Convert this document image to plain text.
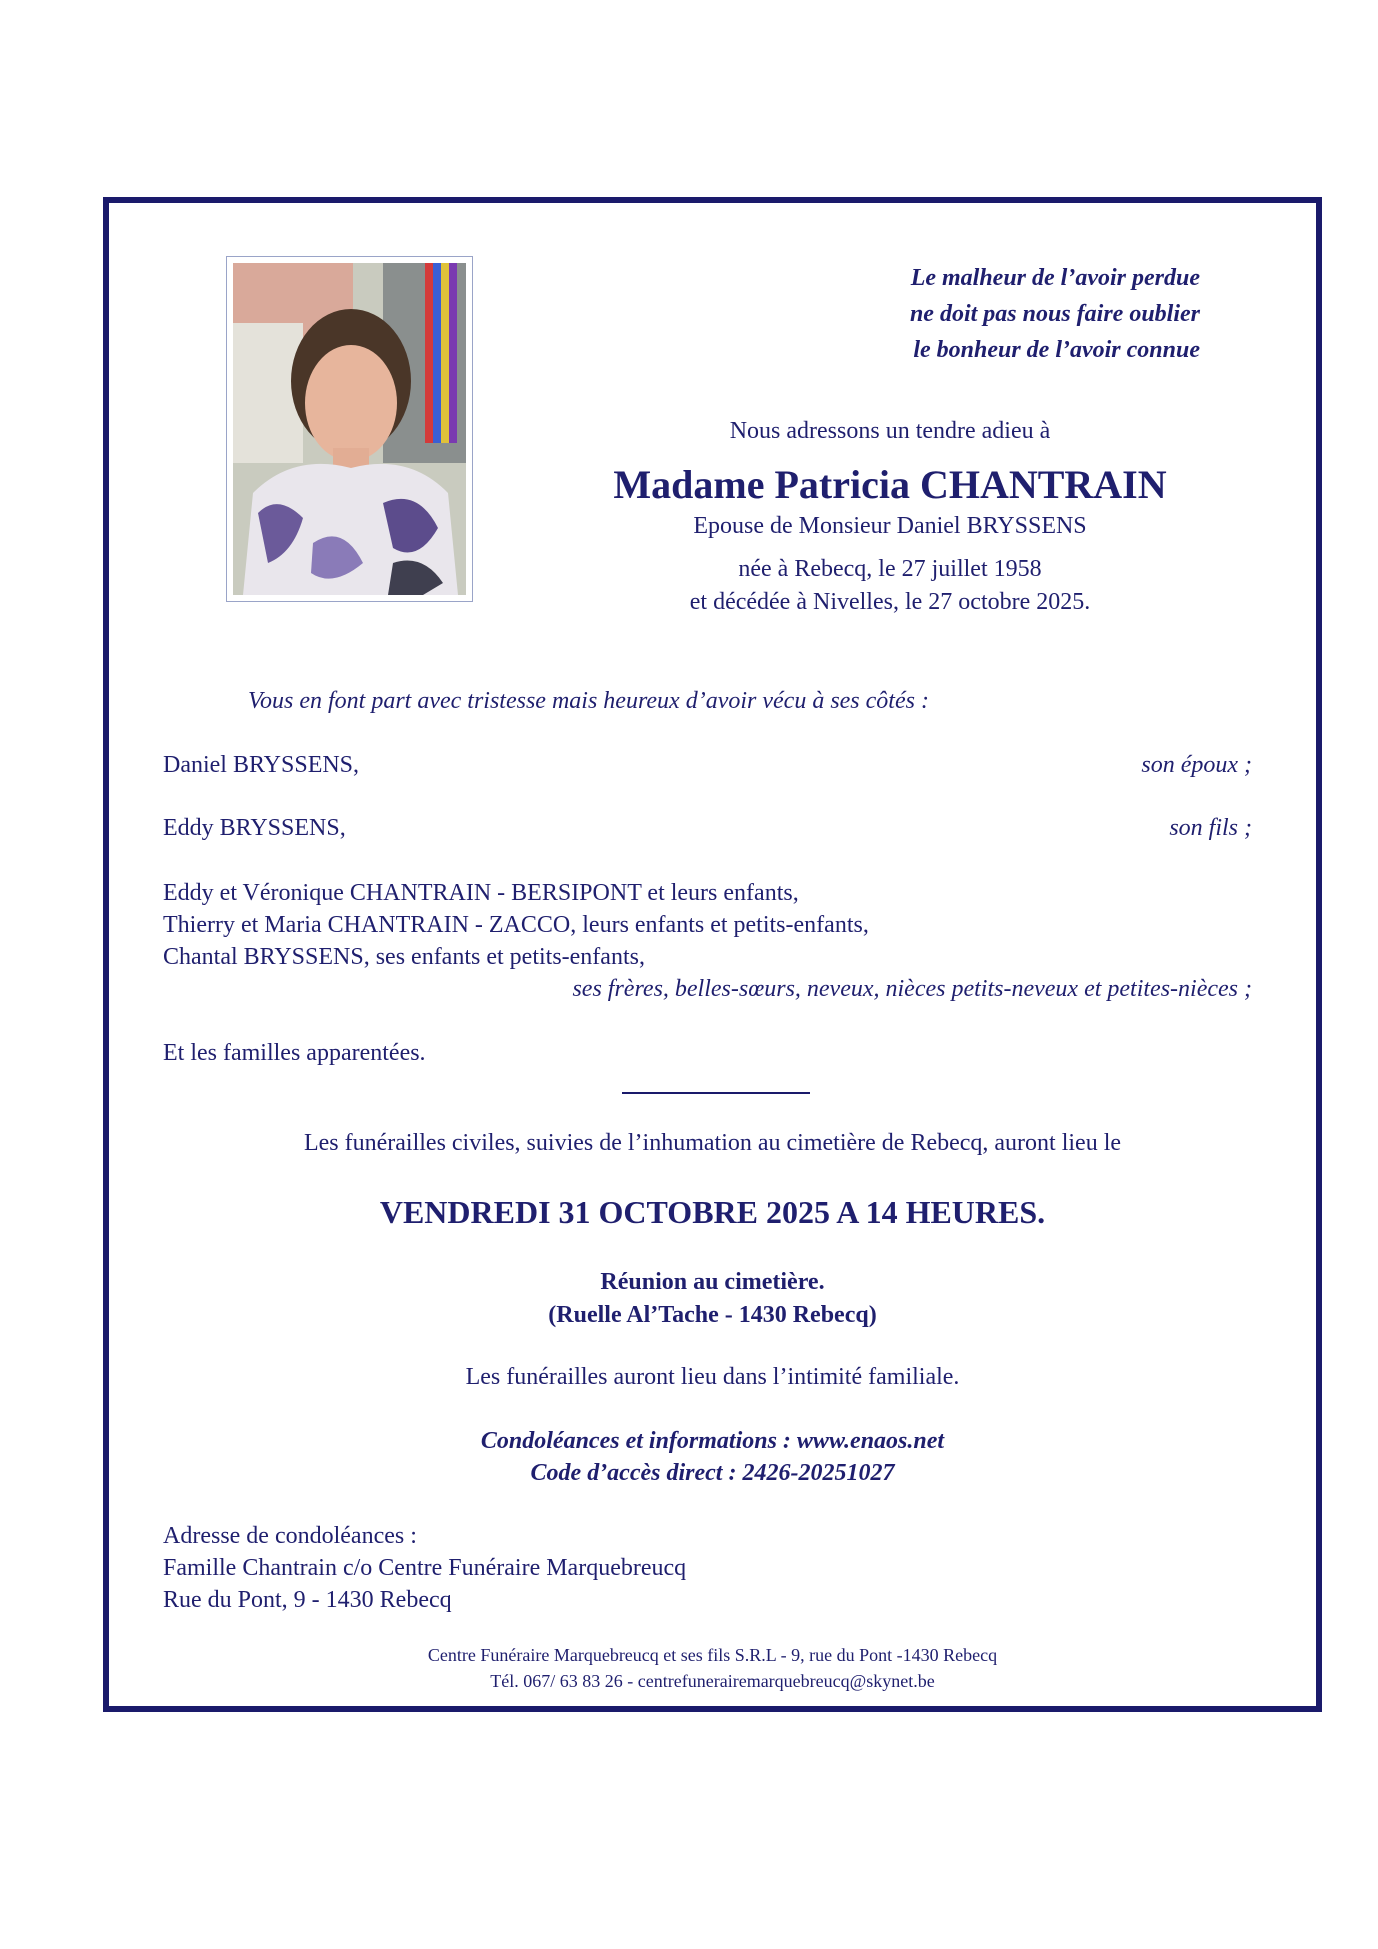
Le malheur de l’avoir perdue
ne doit pas nous faire oublier
le bonheur de l’avoir connue
Nous adressons un tendre adieu à
Madame Patricia CHANTRAIN
Epouse de Monsieur Daniel BRYSSENS
née à Rebecq, le 27 juillet 1958
et décédée à Nivelles, le 27 octobre 2025.
Vous en font part avec tristesse mais heureux d’avoir vécu à ses côtés :
Daniel BRYSSENS,	son époux ;
Eddy BRYSSENS,	son fils ;
Eddy et Véronique CHANTRAIN - BERSIPONT et leurs enfants,
Thierry et Maria CHANTRAIN - ZACCO, leurs enfants et petits-enfants,
Chantal BRYSSENS, ses enfants et petits-enfants,
ses frères, belles-sœurs, neveux, nièces petits-neveux et petites-nièces ;
Et les familles apparentées.
Les funérailles civiles, suivies de l’inhumation au cimetière de Rebecq, auront lieu le
VENDREDI 31 OCTOBRE 2025 A 14 HEURES.
Réunion au cimetière.
(Ruelle Al’Tache - 1430 Rebecq)
Les funérailles auront lieu dans l’intimité familiale.
Condoléances et informations : www.enaos.net
Code d’accès direct : 2426-20251027
Adresse de condoléances :
Famille Chantrain c/o Centre Funéraire Marquebreucq
Rue du Pont, 9 - 1430 Rebecq
Centre Funéraire Marquebreucq et ses fils S.R.L - 9, rue du Pont -1430 Rebecq
Tél. 067/ 63 83 26 - centrefunerairemarquebreucq@skynet.be
